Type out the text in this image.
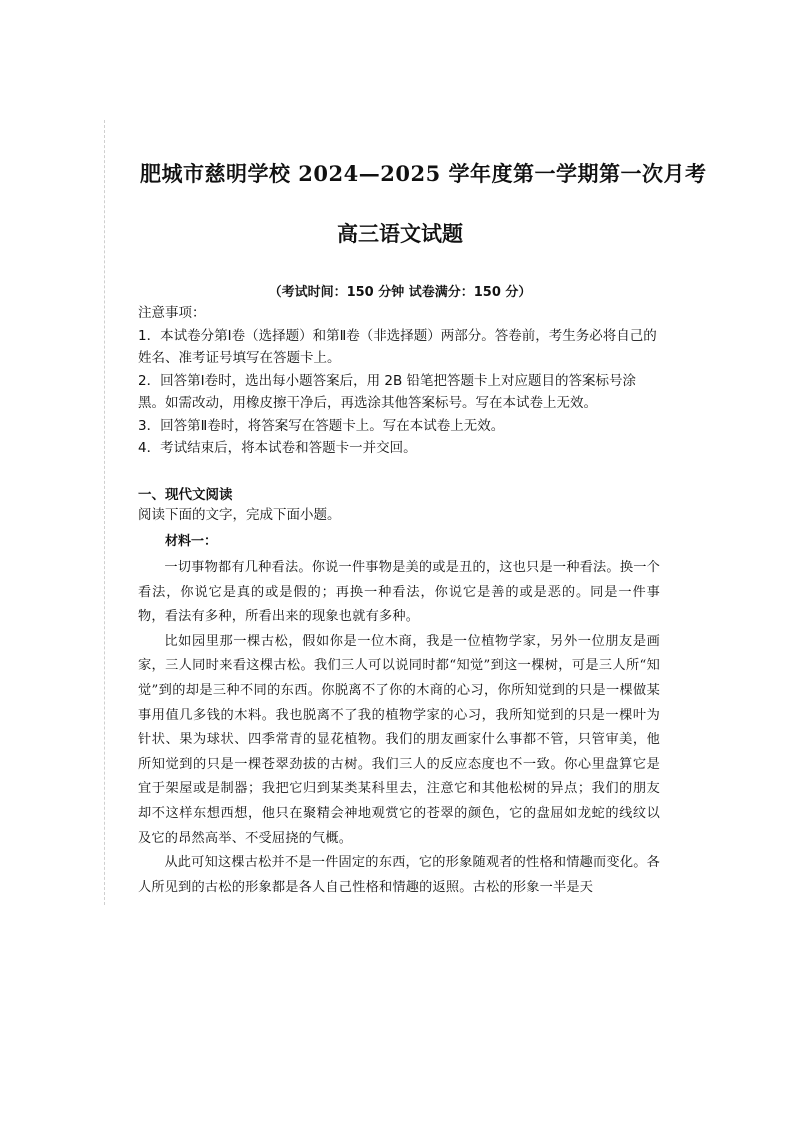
肥城市慈明学校 2024—2025 学年度第一学期第一次月考
高三语文试题
（考试时间：150 分钟 试卷满分：150 分）

注意事项：

1．本试卷分第Ⅰ卷（选择题）和第Ⅱ卷（非选择题）两部分。答卷前，考生务必将自己的姓名、准考证号填写在答题卡上。

2．回答第Ⅰ卷时，选出每小题答案后，用 2B 铅笔把答题卡上对应题目的答案标号涂黑。如需改动，用橡皮擦干净后，再选涂其他答案标号。写在本试卷上无效。

3．回答第Ⅱ卷时，将答案写在答题卡上。写在本试卷上无效。

4．考试结束后，将本试卷和答题卡一并交回。

一、现代文阅读
阅读下面的文字，完成下面小题。
材料一：

一切事物都有几种看法。你说一件事物是美的或是丑的，这也只是一种看法。换一个看法，你说它是真的或是假的；再换一种看法，你说它是善的或是恶的。同是一件事物，看法有多种，所看出来的现象也就有多种。

比如园里那一棵古松，假如你是一位木商，我是一位植物学家，另外一位朋友是画家，三人同时来看这棵古松。我们三人可以说同时都“知觉”到这一棵树，可是三人所“知觉”到的却是三种不同的东西。你脱离不了你的木商的心习，你所知觉到的只是一棵做某事用值几多钱的木料。我也脱离不了我的植物学家的心习，我所知觉到的只是一棵叶为针状、果为球状、四季常青的显花植物。我们的朋友画家什么事都不管，只管审美，他所知觉到的只是一棵苍翠劲拔的古树。我们三人的反应态度也不一致。你心里盘算它是宜于架屋或是制器；我把它归到某类某科里去，注意它和其他松树的异点；我们的朋友却不这样东想西想，他只在聚精会神地观赏它的苍翠的颜色，它的盘屈如龙蛇的线纹以及它的昂然高举、不受屈挠的气概。

从此可知这棵古松并不是一件固定的东西，它的形象随观者的性格和情趣而变化。各人所见到的古松的形象都是各人自己性格和情趣的返照。古松的形象一半是天
